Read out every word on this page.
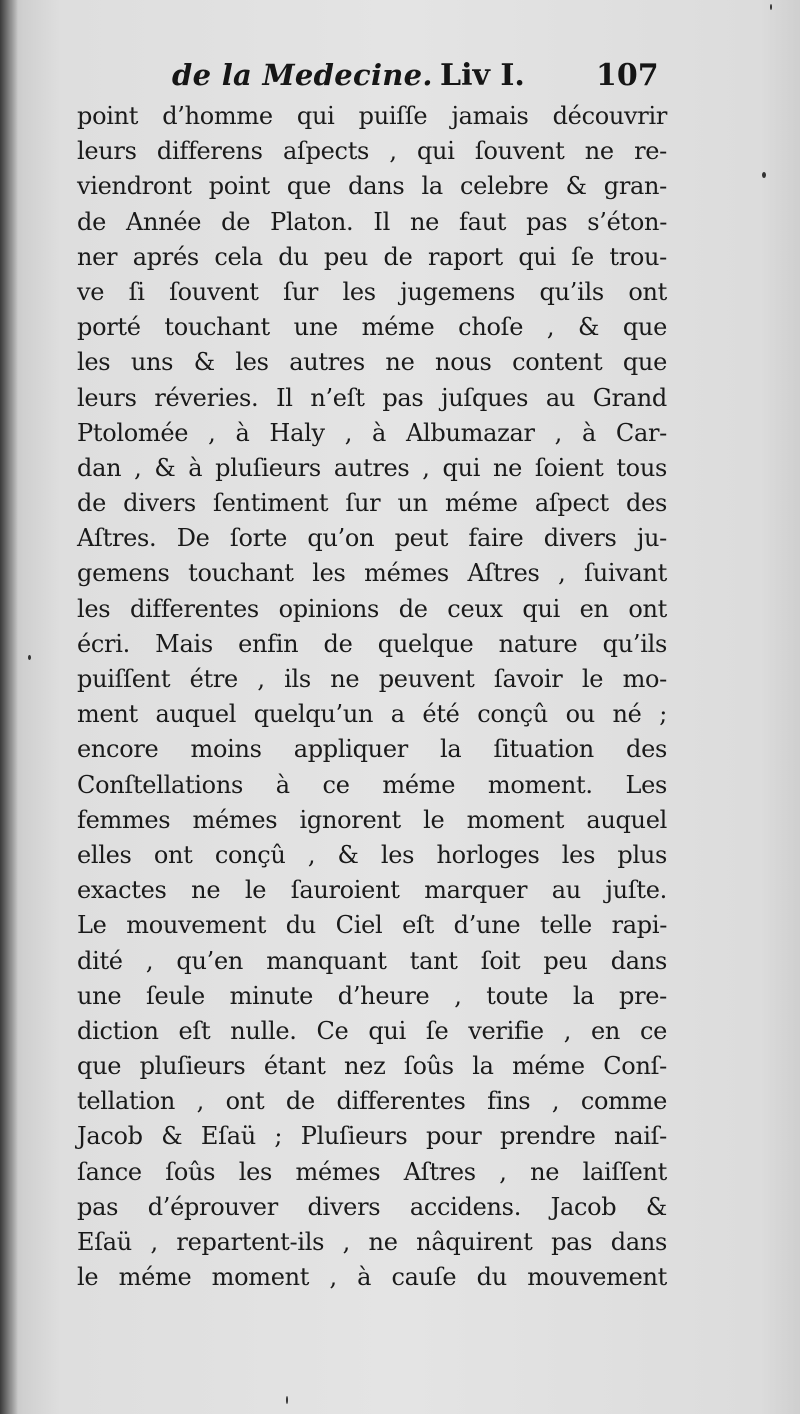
de la Medecine. Liv I. 107
point d’homme qui puiſſe jamais découvrir
leurs differens aſpects , qui ſouvent ne re-
viendront point que dans la celebre & gran-
de Année de Platon. Il ne faut pas s’éton-
ner aprés cela du peu de raport qui ſe trou-
ve ſi ſouvent ſur les jugemens qu’ils ont
porté touchant une méme choſe , & que
les uns & les autres ne nous content que
leurs réveries. Il n’eſt pas juſques au Grand
Ptolomée , à Haly , à Albumazar , à Car-
dan , & à pluſieurs autres , qui ne ſoient tous
de divers ſentiment ſur un méme aſpect des
Aſtres. De ſorte qu’on peut faire divers ju-
gemens touchant les mémes Aſtres , ſuivant
les differentes opinions de ceux qui en ont
écri. Mais enfin de quelque nature qu’ils
puiſſent étre , ils ne peuvent ſavoir le mo-
ment auquel quelqu’un a été conçû ou né ;
encore moins appliquer la ſituation des
Conſtellations à ce méme moment. Les
femmes mémes ignorent le moment auquel
elles ont conçû , & les horloges les plus
exactes ne le ſauroient marquer au juſte.
Le mouvement du Ciel eſt d’une telle rapi-
dité , qu’en manquant tant ſoit peu dans
une ſeule minute d’heure , toute la pre-
diction eſt nulle. Ce qui ſe verifie , en ce
que pluſieurs étant nez ſoûs la méme Conſ-
tellation , ont de differentes fins , comme
Jacob & Eſaü ; Pluſieurs pour prendre naiſ-
ſance ſoûs les mémes Aſtres , ne laiſſent
pas d’éprouver divers accidens. Jacob &
Eſaü , repartent-ils , ne nâquirent pas dans
le méme moment , à cauſe du mouvement
